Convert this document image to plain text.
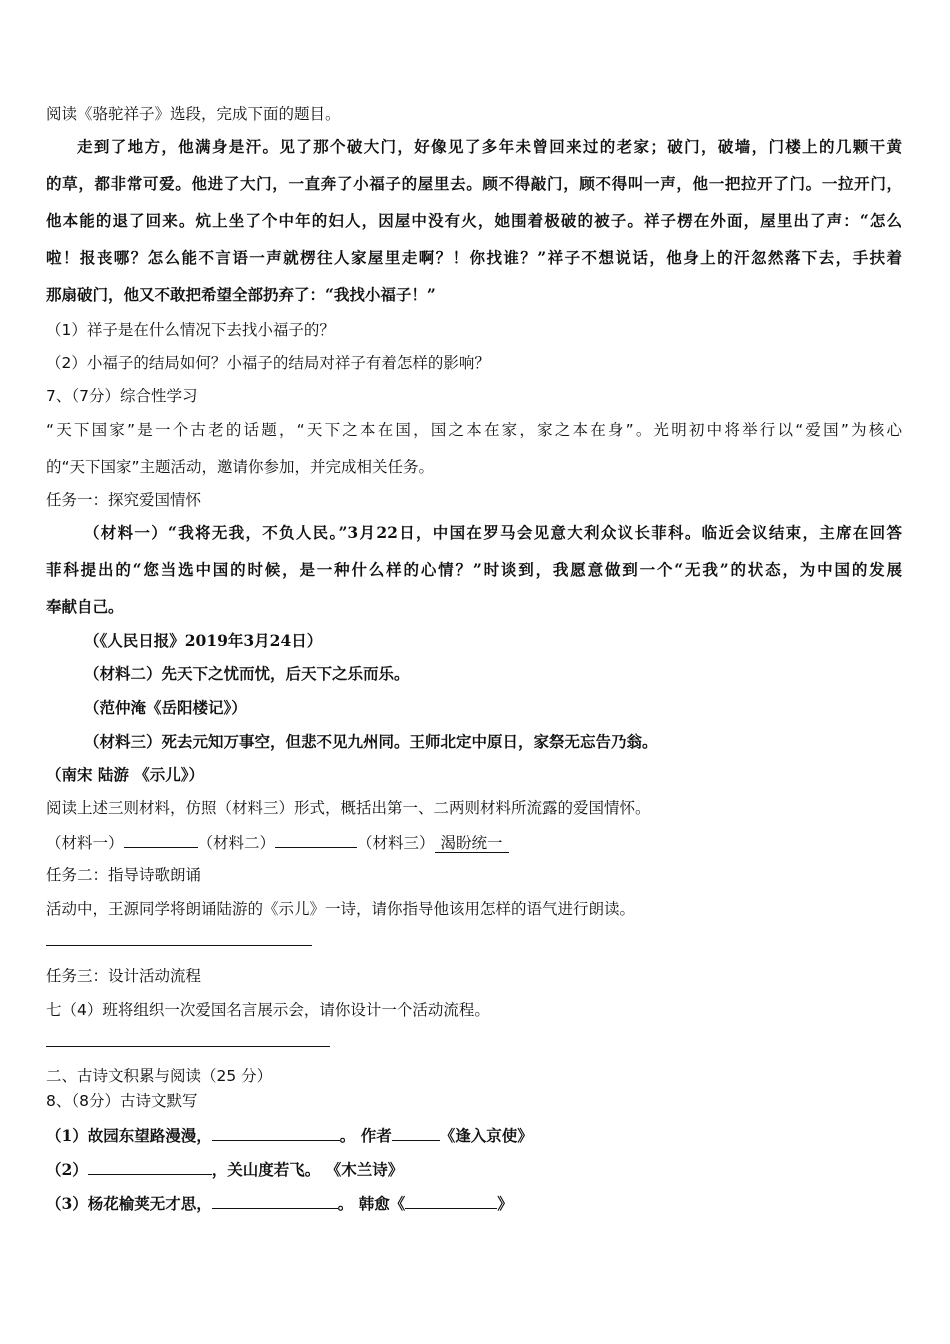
阅读《骆驼祥子》选段，完成下面的题目。
走到了地方，他满身是汗。见了那个破大门，好像见了多年未曾回来过的老家；破门，破墙，门楼上的几颗干黄
的草，都非常可爱。他进了大门，一直奔了小福子的屋里去。顾不得敲门，顾不得叫一声，他一把拉开了门。一拉开门，
他本能的退了回来。炕上坐了个中年的妇人，因屋中没有火，她围着极破的被子。祥子楞在外面，屋里出了声：“怎么
啦！报丧哪？怎么能不言语一声就楞往人家屋里走啊？！你找谁？”祥子不想说话，他身上的汗忽然落下去，手扶着
那扇破门，他又不敢把希望全部扔弃了：“我找小福子！”
（1）祥子是在什么情况下去找小福子的？
（2）小福子的结局如何？小福子的结局对祥子有着怎样的影响？
7、（7分）综合性学习
“天下国家”是一个古老的话题，“天下之本在国，国之本在家，家之本在身”。光明初中将举行以“爱国”为核心
的“天下国家”主题活动，邀请你参加，并完成相关任务。
任务一：探究爱国情怀
（材料一）“我将无我，不负人民。”3月22日，中国在罗马会见意大利众议长菲科。临近会议结束，主席在回答
菲科提出的“您当选中国的时候，是一种什么样的心情？”时谈到，我愿意做到一个“无我”的状态，为中国的发展
奉献自己。
（《人民日报》2019年3月24日）
（材料二）先天下之忧而忧，后天下之乐而乐。
（范仲淹《岳阳楼记》）
（材料三）死去元知万事空，但悲不见九州同。王师北定中原日，家祭无忘告乃翁。
（南宋 陆游 《示儿》）
阅读上述三则材料，仿照（材料三）形式，概括出第一、二两则材料所流露的爱国情怀。
（材料一）	（材料二）	（材料三） 渴盼统一
任务二：指导诗歌朗诵
活动中，王源同学将朗诵陆游的《示儿》一诗，请你指导他该用怎样的语气进行朗读。
任务三：设计活动流程
七（4）班将组织一次爱国名言展示会，请你设计一个活动流程。
二、古诗文积累与阅读（25 分）
8、（8分）古诗文默写
（1）故园东望路漫漫，	。 作者	《逢入京使》
（2）	，关山度若飞。 《木兰诗》
（3）杨花榆荚无才思，	。 韩愈《	》
